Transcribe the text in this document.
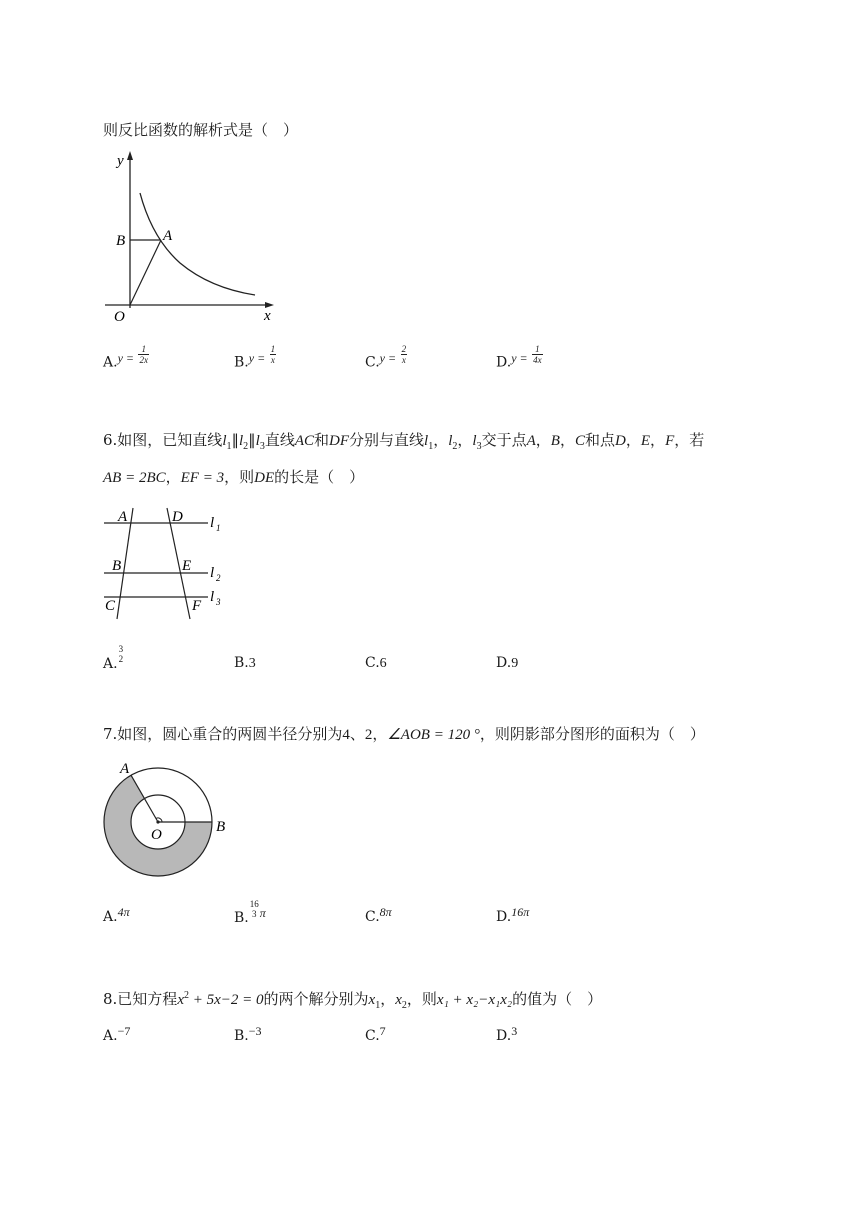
则反比函数的解析式是（　）
y
x
O
B	A
$A.y = \frac{1}{2x}$	$B.y = \frac{1}{x}$	$C.y = \frac{2}{x}$	$D.y = \frac{1}{4x}$
6.如图，已知直线$l_1\parallel l_2\parallel l_3$直线AC和DF分别与直线$l_1$，$l_2$，$l_3$交于点A，B，C和点D，E，F，若
AB = 2BC，EF = 3，则DE的长是（　）
A	D
B	E
C	F
l 1
l 2
l 3
A.
3
2	B.3	C.6	D.9
7.如图，圆心重合的两圆半径分别为4、2，∠AOB = 120 °，则阴影部分图形的面积为（　）
A
B
O
A.4π	B.
16
3 π	C.8π	D.16π
8.已知方程$x^2 + 5x-2 = 0$的两个解分别为$x_1$，$x_2$，则x₁ + x₂−x₁x₂的值为（　）
A.−7	B.−3	C.7	D.3
